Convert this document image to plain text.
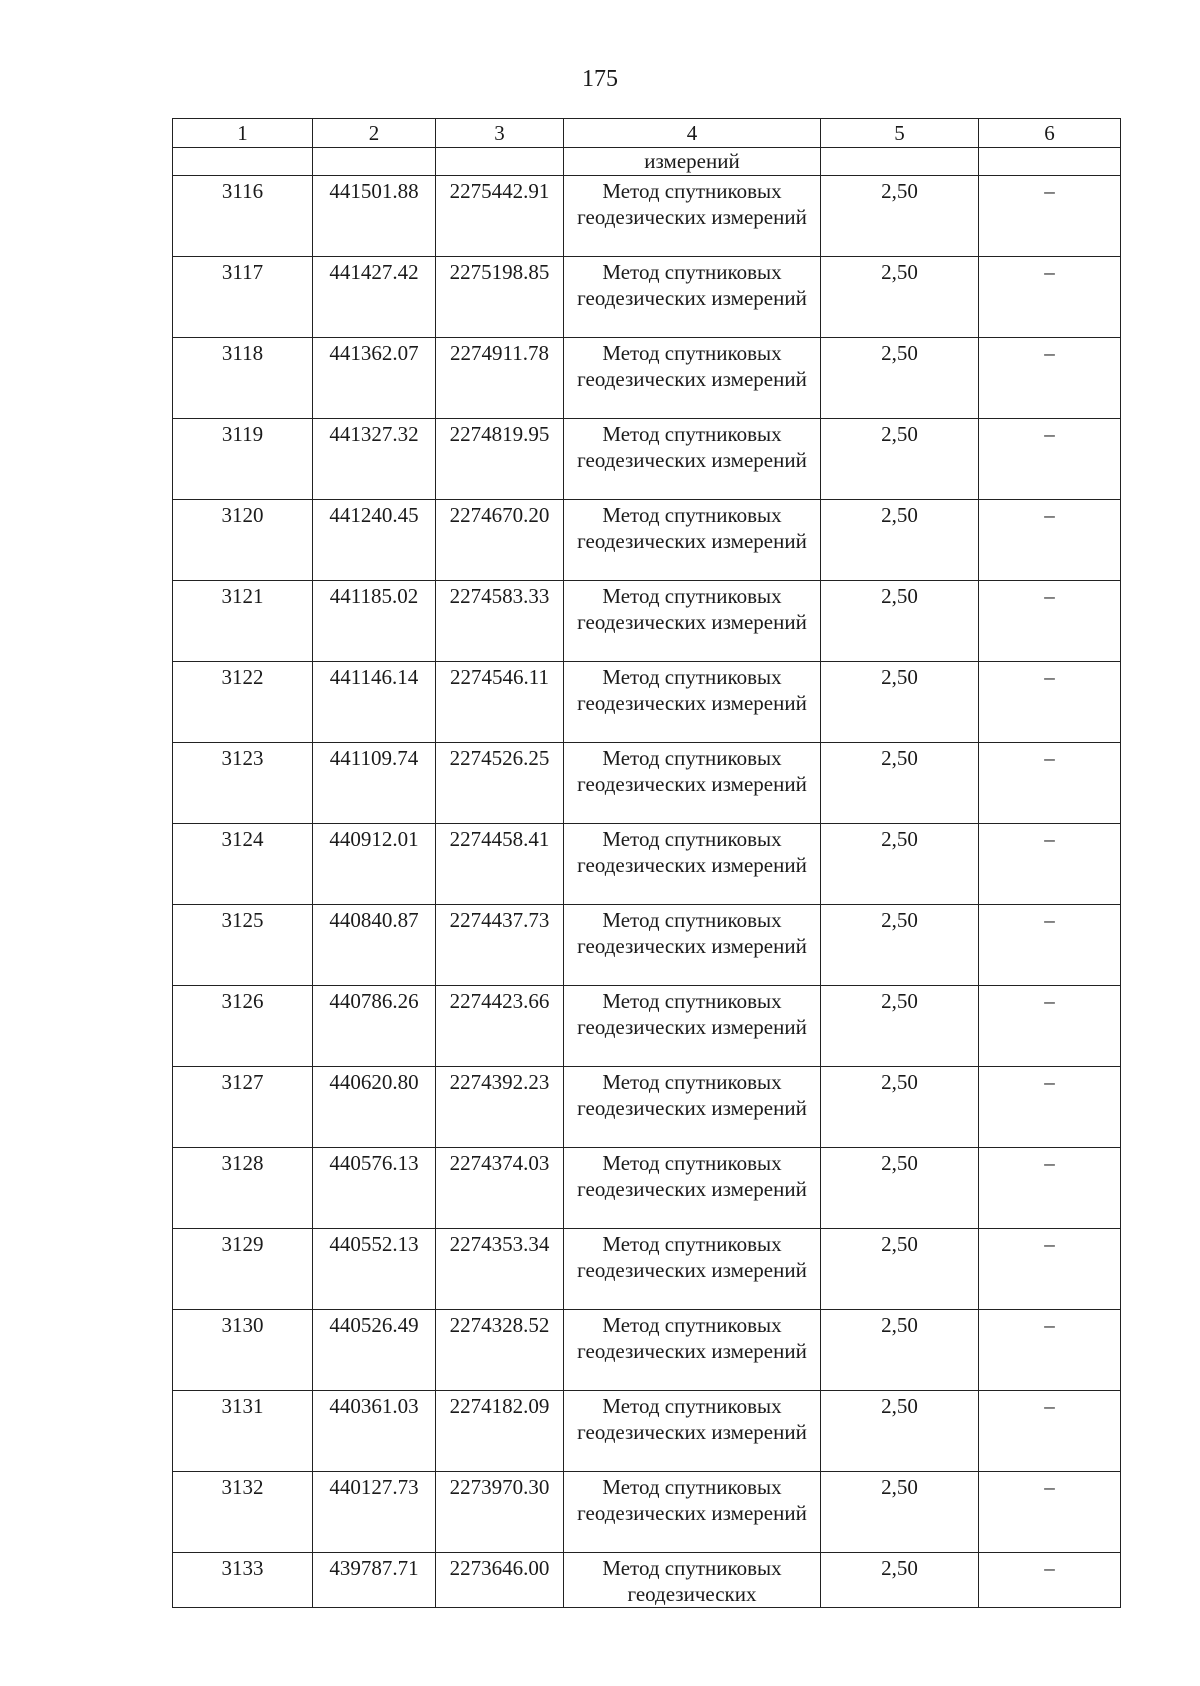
175
1	2	3	4	5	6
			измерений		
3116	441501.88	2275442.91	Метод спутниковых геодезических измерений	2,50	–
3117	441427.42	2275198.85	Метод спутниковых геодезических измерений	2,50	–
3118	441362.07	2274911.78	Метод спутниковых геодезических измерений	2,50	–
3119	441327.32	2274819.95	Метод спутниковых геодезических измерений	2,50	–
3120	441240.45	2274670.20	Метод спутниковых геодезических измерений	2,50	–
3121	441185.02	2274583.33	Метод спутниковых геодезических измерений	2,50	–
3122	441146.14	2274546.11	Метод спутниковых геодезических измерений	2,50	–
3123	441109.74	2274526.25	Метод спутниковых геодезических измерений	2,50	–
3124	440912.01	2274458.41	Метод спутниковых геодезических измерений	2,50	–
3125	440840.87	2274437.73	Метод спутниковых геодезических измерений	2,50	–
3126	440786.26	2274423.66	Метод спутниковых геодезических измерений	2,50	–
3127	440620.80	2274392.23	Метод спутниковых геодезических измерений	2,50	–
3128	440576.13	2274374.03	Метод спутниковых геодезических измерений	2,50	–
3129	440552.13	2274353.34	Метод спутниковых геодезических измерений	2,50	–
3130	440526.49	2274328.52	Метод спутниковых геодезических измерений	2,50	–
3131	440361.03	2274182.09	Метод спутниковых геодезических измерений	2,50	–
3132	440127.73	2273970.30	Метод спутниковых геодезических измерений	2,50	–
3133	439787.71	2273646.00	Метод спутниковых геодезических	2,50	–
